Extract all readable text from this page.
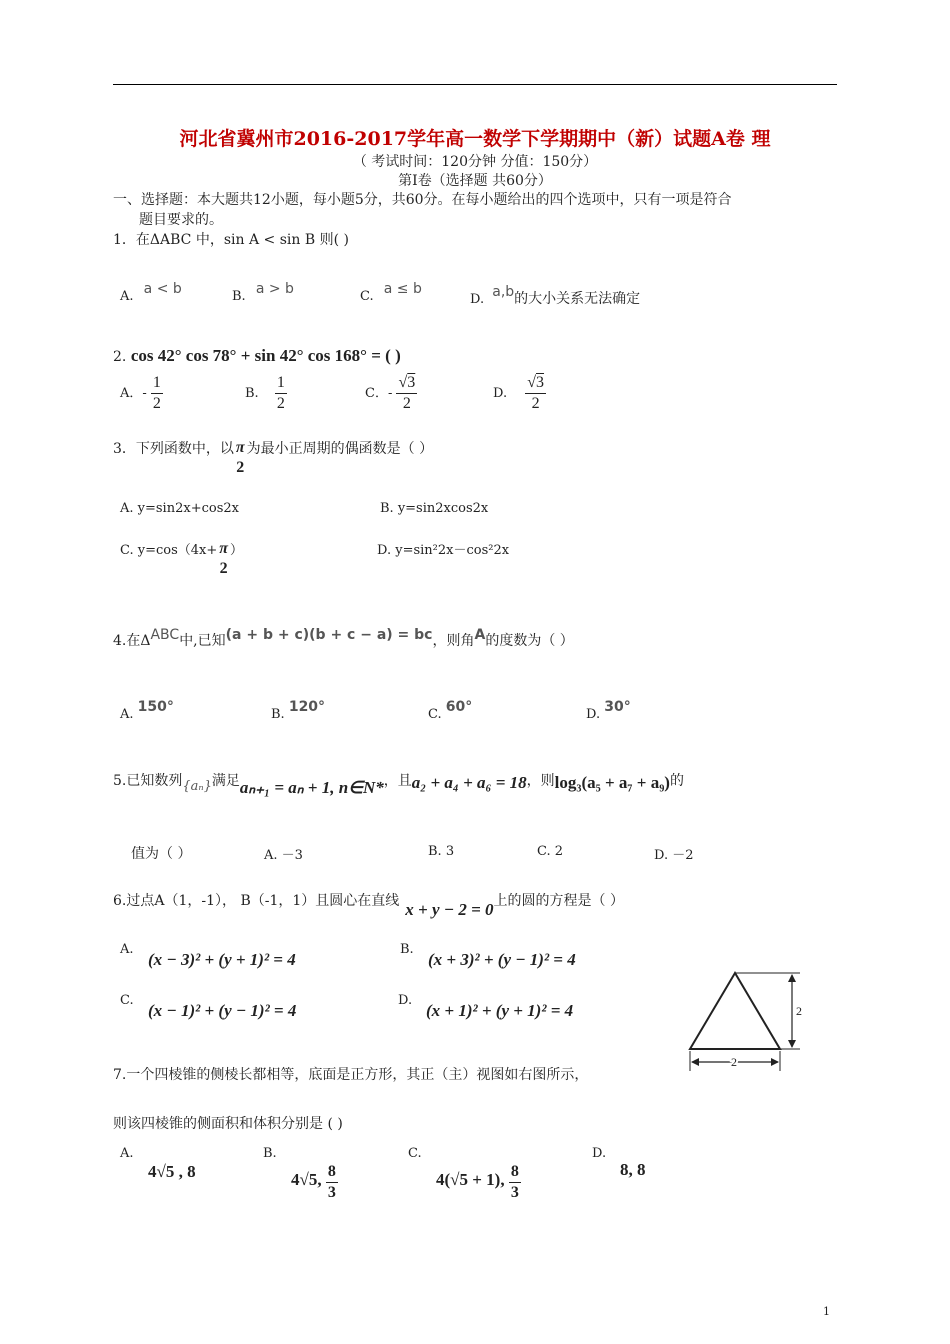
河北省冀州市2016-2017学年高一数学下学期期中（新）试题A卷 理
（ 考试时间：120分钟 分值：150分）
第Ⅰ卷（选择题 共60分）
一、选择题：本大题共12小题，每小题5分，共60分。在每小题给出的四个选项中，只有一项是符合
题目要求的。
1．在ΔABC 中，sin A < sin B 则( )
A. a < b	B. a > b	C. a ≤ b
D. a,b的大小关系无法确定
2. cos 42° cos 78° + sin 42° cos 168° = ( )
A．- $\frac{1}{2}$	B. $\frac{1}{2}$	C．- $\frac{√3}{2}$	D. $\frac{√3}{2}$
3．下列函数中，以 π
2
为最小正周期的偶函数是（ ）
A. y=sin2x+cos2x	B. y=sin2xcos2x
C. y=cos（4x+ π
2
）	D. y=sin²2x－cos²2x
4.在ΔABC中,已知(a + b + c)(b + c − a) = bc，则角A的度数为（ ）
A. 150°	B. 120°	C. 60°	D. 30°
5.已知数列{aₙ}满足aₙ₊₁ = aₙ + 1, n∈N*，且a₂ + a₄ + a₆ = 18，则log₃(a₅ + a₇ + a₉)的
值为（ ）	A. －3	B. 3	C. 2	D. －2
6.过点A（1，-1）， B（-1，1）且圆心在直线 x + y − 2 = 0上的圆的方程是（ ）
A.
(x − 3)² + (y + 1)² = 4
B.
(x + 3)² + (y − 1)² = 4
C.
(x − 1)² + (y − 1)² = 4
D.
(x + 1)² + (y + 1)² = 4	2
2
7.一个四棱锥的侧棱长都相等，底面是正方形，其正（主）视图如右图所示，
则该四棱锥的侧面积和体积分别是 ( )
A.
4√5 , 8
B.
4√5, $\frac{8}{3}$
C.
4(√5 + 1), $\frac{8}{3}$
D.
8, 8
1
